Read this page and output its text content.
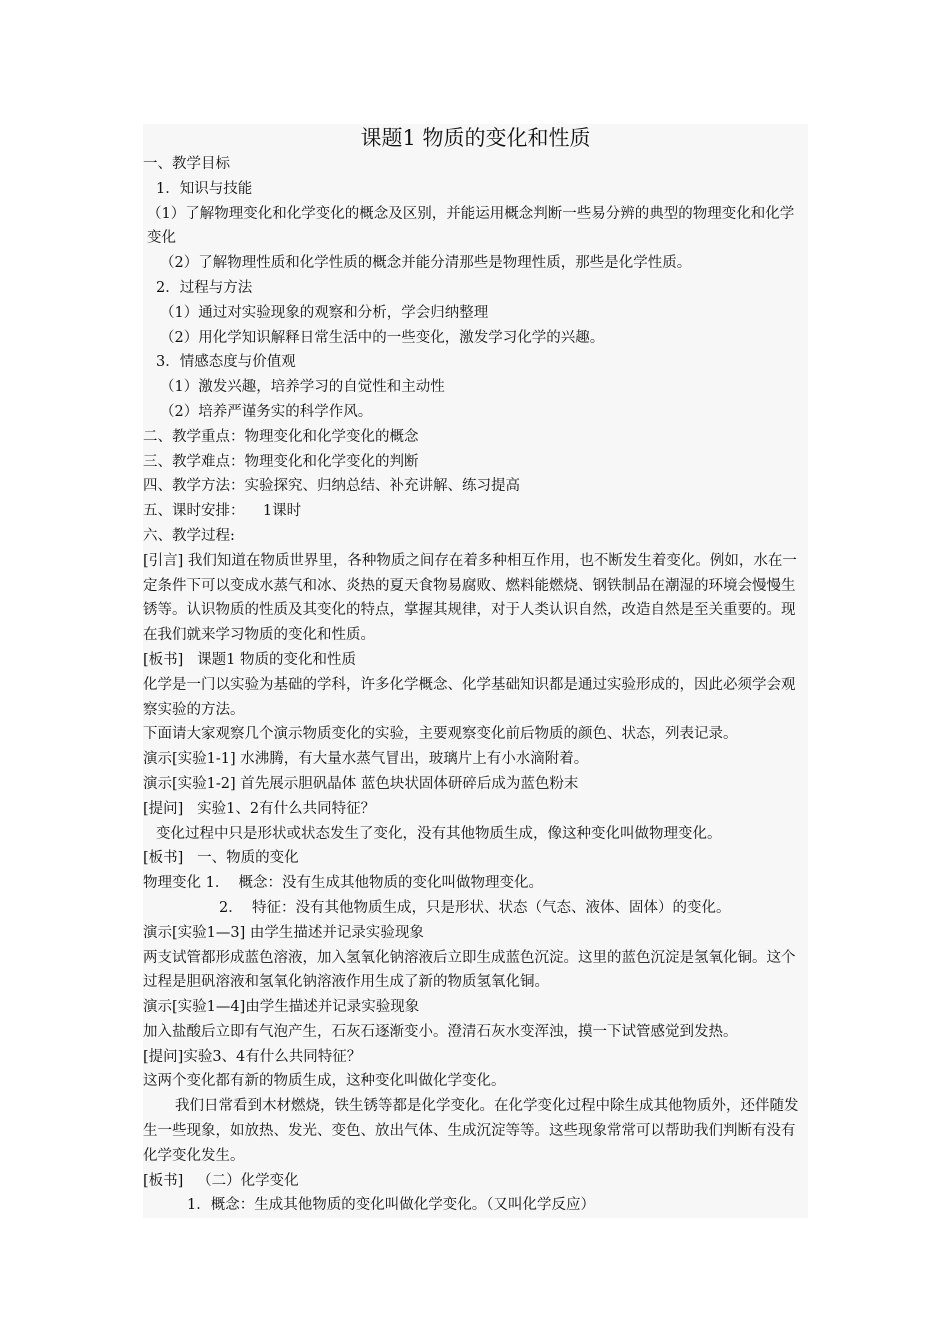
课题1 物质的变化和性质
一、教学目标
1．知识与技能
（1）了解物理变化和化学变化的概念及区别，并能运用概念判断一些易分辨的典型的物理变化和化学变化
（2）了解物理性质和化学性质的概念并能分清那些是物理性质，那些是化学性质。
2．过程与方法
（1）通过对实验现象的观察和分析，学会归纳整理
（2）用化学知识解释日常生活中的一些变化，激发学习化学的兴趣。
3．情感态度与价值观
（1）激发兴趣，培养学习的自觉性和主动性
（2）培养严谨务实的科学作风。
二、教学重点：物理变化和化学变化的概念
三、教学难点：物理变化和化学变化的判断
四、教学方法：实验探究、归纳总结、补充讲解、练习提高
五、课时安排：    1课时
六、教学过程:
[引言] 我们知道在物质世界里，各种物质之间存在着多种相互作用，也不断发生着变化。例如，水在一定条件下可以变成水蒸气和冰、炎热的夏天食物易腐败、燃料能燃烧、钢铁制品在潮湿的环境会慢慢生锈等。认识物质的性质及其变化的特点，掌握其规律，对于人类认识自然，改造自然是至关重要的。现在我们就来学习物质的变化和性质。
[板书]   课题1 物质的变化和性质
化学是一门以实验为基础的学科，许多化学概念、化学基础知识都是通过实验形成的，因此必须学会观察实验的方法。
下面请大家观察几个演示物质变化的实验，主要观察变化前后物质的颜色、状态，列表记录。
演示[实验1-1] 水沸腾，有大量水蒸气冒出，玻璃片上有小水滴附着。
演示[实验1-2] 首先展示胆矾晶体 蓝色块状固体研碎后成为蓝色粉末
[提问]   实验1、2有什么共同特征？
变化过程中只是形状或状态发生了变化，没有其他物质生成，像这种变化叫做物理变化。
[板书]   一、物质的变化
物理变化 1．  概念：没有生成其他物质的变化叫做物理变化。
2．  特征：没有其他物质生成，只是形状、状态（气态、液体、固体）的变化。
演示[实验1—3] 由学生描述并记录实验现象
两支试管都形成蓝色溶液，加入氢氧化钠溶液后立即生成蓝色沉淀。这里的蓝色沉淀是氢氧化铜。这个过程是胆矾溶液和氢氧化钠溶液作用生成了新的物质氢氧化铜。
演示[实验1—4]由学生描述并记录实验现象
加入盐酸后立即有气泡产生，石灰石逐渐变小。澄清石灰水变浑浊，摸一下试管感觉到发热。
[提问]实验3、4有什么共同特征？
这两个变化都有新的物质生成，这种变化叫做化学变化。
我们日常看到木材燃烧，铁生锈等都是化学变化。在化学变化过程中除生成其他物质外，还伴随发生一些现象，如放热、发光、变色、放出气体、生成沉淀等等。这些现象常常可以帮助我们判断有没有化学变化发生。
[板书]   （二）化学变化
1．概念：生成其他物质的变化叫做化学变化。（又叫化学反应）
